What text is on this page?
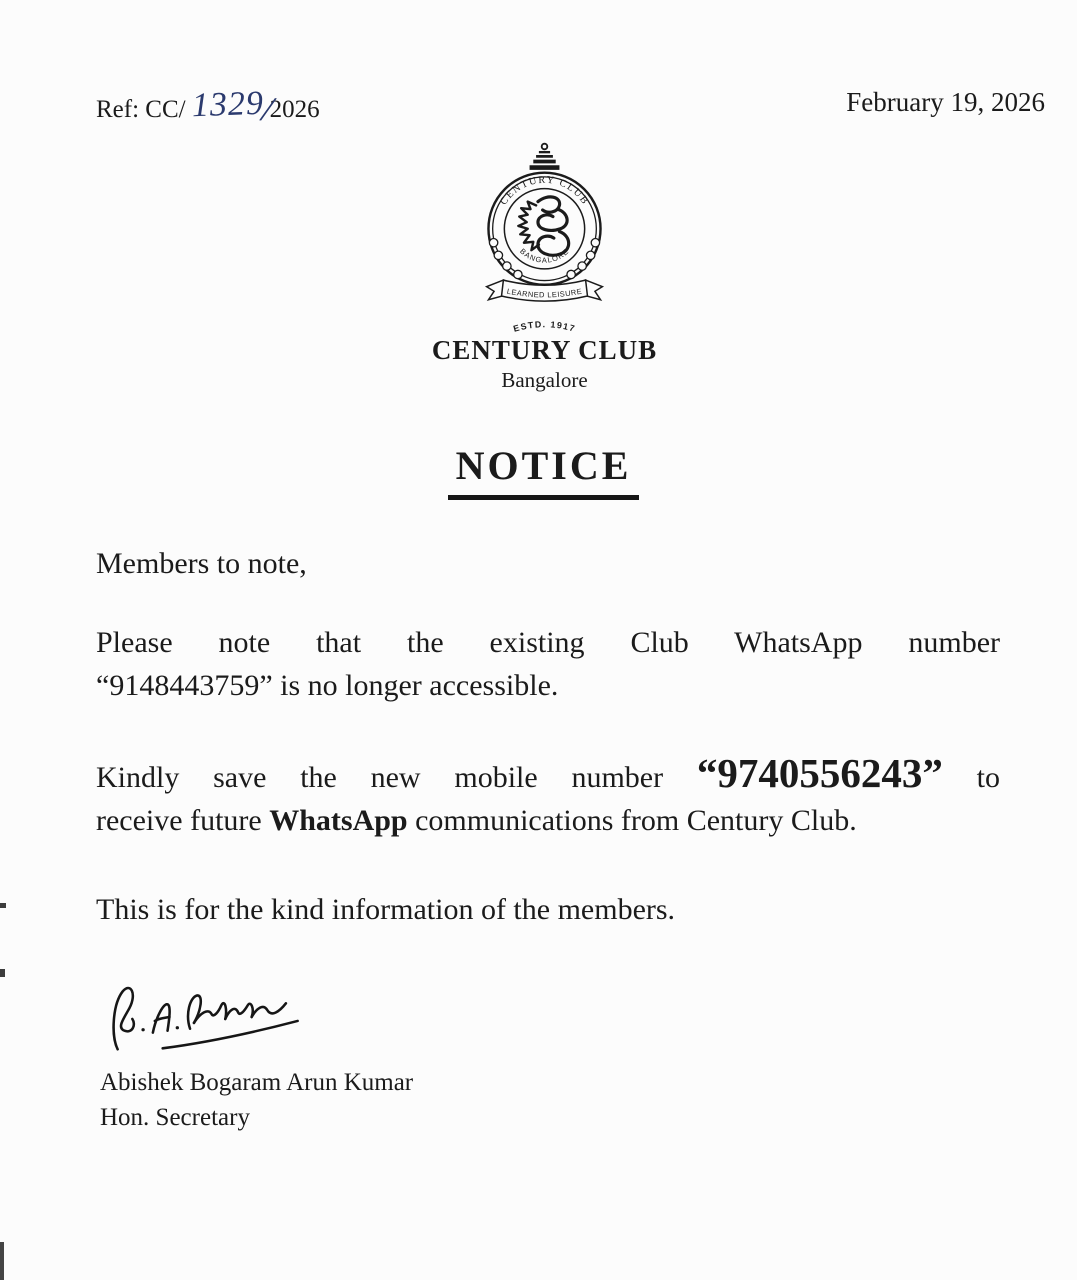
Ref: CC/ 1329/2026	February 19, 2026
CENTURY CLUB
BANGALORE
LEARNED LEISURE
ESTD. 1917
CENTURY CLUB
Bangalore
NOTICE

Members to note,

Please note that the existing Club WhatsApp number
“9148443759” is no longer accessible.

Kindly save the new mobile number “9740556243” to
receive future WhatsApp communications from Century Club.

This is for the kind information of the members.

Abishek Bogaram Arun Kumar
Hon. Secretary
